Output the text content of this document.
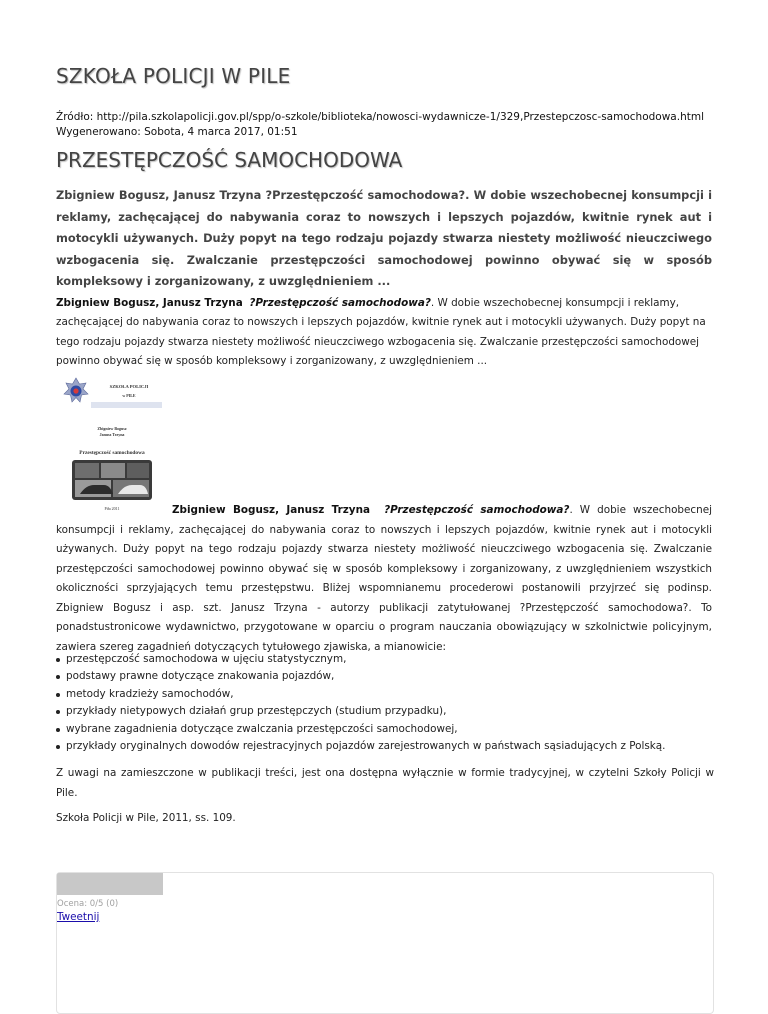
SZKOŁA POLICJI W PILE
Źródło: http://pila.szkolapolicji.gov.pl/spp/o-szkole/biblioteka/nowosci-wydawnicze-1/329,Przestepczosc-samochodowa.html
Wygenerowano: Sobota, 4 marca 2017, 01:51
PRZESTĘPCZOŚĆ SAMOCHODOWA
Zbigniew Bogusz, Janusz Trzyna ?Przestępczość samochodowa?. W dobie wszechobecnej konsumpcji i reklamy, zachęcającej do nabywania coraz to nowszych i lepszych pojazdów, kwitnie rynek aut i motocykli używanych. Duży popyt na tego rodzaju pojazdy stwarza niestety możliwość nieuczciwego wzbogacenia się. Zwalczanie przestępczości samochodowej powinno obywać się w sposób kompleksowy i zorganizowany, z uwzględnieniem ...
Zbigniew Bogusz, Janusz Trzyna ?Przestępczość samochodowa?. W dobie wszechobecnej konsumpcji i reklamy, zachęcającej do nabywania coraz to nowszych i lepszych pojazdów, kwitnie rynek aut i motocykli używanych. Duży popyt na tego rodzaju pojazdy stwarza niestety możliwość nieuczciwego wzbogacenia się. Zwalczanie przestępczości samochodowej powinno obywać się w sposób kompleksowy i zorganizowany, z uwzględnieniem ...
SZKOŁA POLICJI
w PILE
Zbigniew Bogusz
Janusz Trzyna
Przestępczość samochodowa
Piła 2011	Zbigniew Bogusz, Janusz Trzyna ?Przestępczość samochodowa?. W dobie wszechobecnej konsumpcji i reklamy, zachęcającej do nabywania coraz to nowszych i lepszych pojazdów, kwitnie rynek aut i motocykli używanych. Duży popyt na tego rodzaju pojazdy stwarza niestety możliwość nieuczciwego wzbogacenia się. Zwalczanie przestępczości samochodowej powinno obywać się w sposób kompleksowy i zorganizowany, z uwzględnieniem wszystkich okoliczności sprzyjających temu przestępstwu. Bliżej wspomnianemu procederowi postanowili przyjrzeć się podinsp. Zbigniew Bogusz i asp. szt. Janusz Trzyna - autorzy publikacji zatytułowanej ?Przestępczość samochodowa?. To ponadstustronicowe wydawnictwo, przygotowane w oparciu o program nauczania obowiązujący w szkolnictwie policyjnym, zawiera szereg zagadnień dotyczących tytułowego zjawiska, a mianowicie:
przestępczość samochodowa w ujęciu statystycznym,
podstawy prawne dotyczące znakowania pojazdów,
metody kradzieży samochodów,
przykłady nietypowych działań grup przestępczych (studium przypadku),
wybrane zagadnienia dotyczące zwalczania przestępczości samochodowej,
przykłady oryginalnych dowodów rejestracyjnych pojazdów zarejestrowanych w państwach sąsiadujących z Polską.
Z uwagi na zamieszczone w publikacji treści, jest ona dostępna wyłącznie w formie tradycyjnej, w czytelni Szkoły Policji w Pile.
Szkoła Policji w Pile, 2011, ss. 109.
Ocena: 0/5 (0)
Tweetnij
